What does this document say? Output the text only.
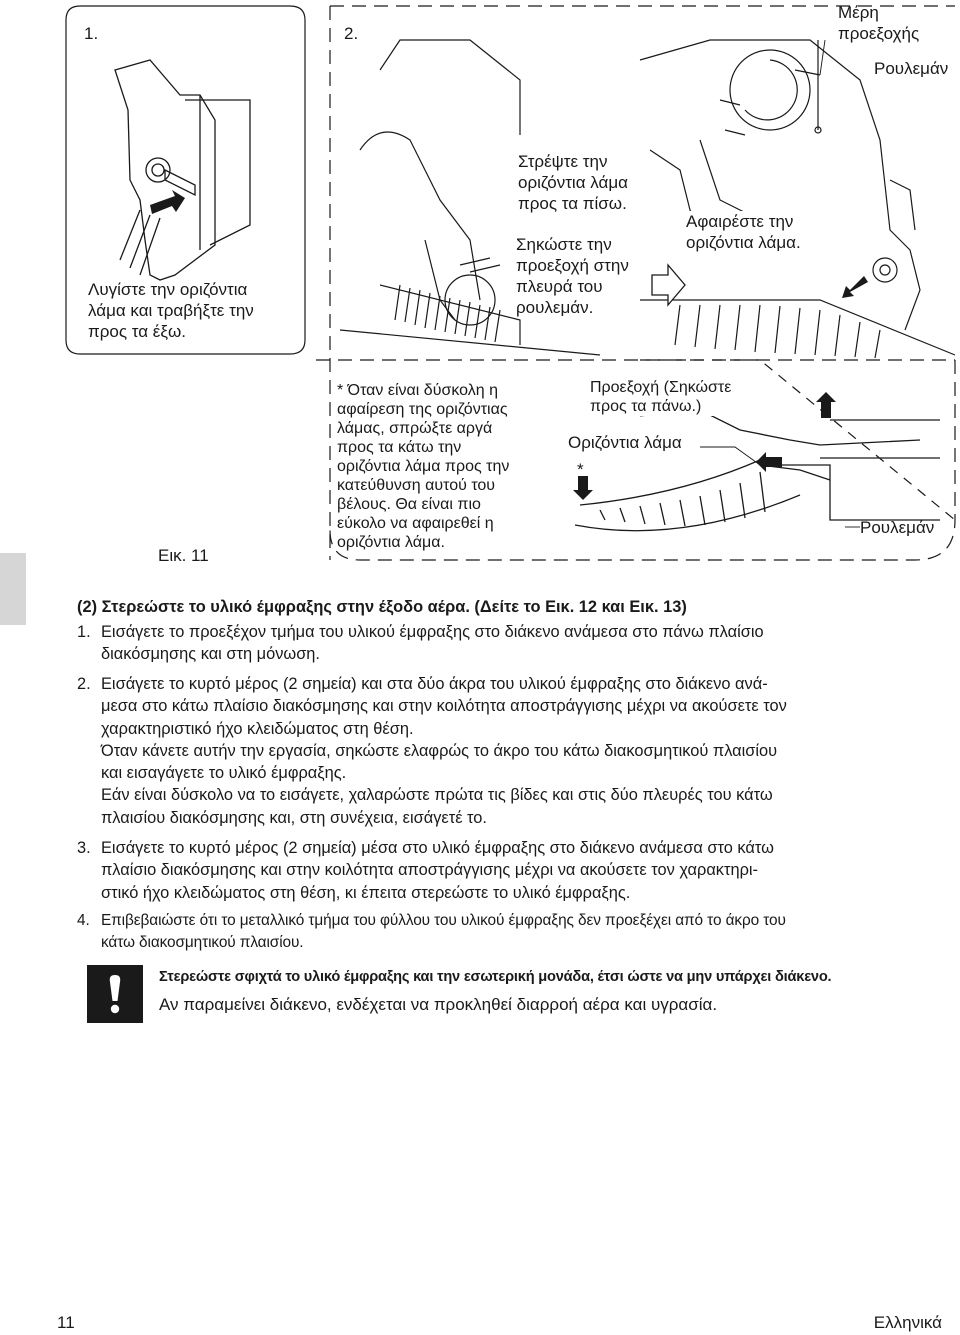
1.	2.
Μέρη
προεξοχής
Ρουλεμάν
Στρέψτε την
οριζόντια λάμα
προς τα πίσω.
Σηκώστε την
προεξοχή στην
πλευρά του
ρουλεμάν.
Αφαιρέστε την
οριζόντια λάμα.
Λυγίστε την οριζόντια
λάμα και τραβήξτε την
προς τα έξω.
* Όταν είναι δύσκολη η
αφαίρεση της οριζόντιας
λάμας, σπρώξτε αργά
προς τα κάτω την
οριζόντια λάμα προς την
κατεύθυνση αυτού του
βέλους. Θα είναι πιο
εύκολο να αφαιρεθεί η
οριζόντια λάμα.
Προεξοχή (Σηκώστε
προς τα πάνω.)
Οριζόντια λάμα
*
Ρουλεμάν
Εικ. 11
(2) Στερεώστε το υλικό έμφραξης στην έξοδο αέρα. (Δείτε το Εικ. 12 και Εικ. 13)
1. Εισάγετε το προεξέχον τμήμα του υλικού έμφραξης στο διάκενο ανάμεσα στο πάνω πλαίσιο
διακόσμησης και στη μόνωση.
2. Εισάγετε το κυρτό μέρος (2 σημεία) και στα δύο άκρα του υλικού έμφραξης στο διάκενο ανά-
μεσα στο κάτω πλαίσιο διακόσμησης και στην κοιλότητα αποστράγγισης μέχρι να ακούσετε τον
χαρακτηριστικό ήχο κλειδώματος στη θέση.
Όταν κάνετε αυτήν την εργασία, σηκώστε ελαφρώς το άκρο του κάτω διακοσμητικού πλαισίου
και εισαγάγετε το υλικό έμφραξης.
Εάν είναι δύσκολο να το εισάγετε, χαλαρώστε πρώτα τις βίδες και στις δύο πλευρές του κάτω
πλαισίου διακόσμησης και, στη συνέχεια, εισάγετέ το.
3. Εισάγετε το κυρτό μέρος (2 σημεία) μέσα στο υλικό έμφραξης στο διάκενο ανάμεσα στο κάτω
πλαίσιο διακόσμησης και στην κοιλότητα αποστράγγισης μέχρι να ακούσετε τον χαρακτηρι-
στικό ήχο κλειδώματος στη θέση, κι έπειτα στερεώστε το υλικό έμφραξης.
4. Επιβεβαιώστε ότι το μεταλλικό τμήμα του φύλλου του υλικού έμφραξης δεν προεξέχει από το άκρο του
κάτω διακοσμητικού πλαισίου.
Στερεώστε σφιχτά το υλικό έμφραξης και την εσωτερική μονάδα, έτσι ώστε να μην υπάρχει διάκενο.
Αν παραμείνει διάκενο, ενδέχεται να προκληθεί διαρροή αέρα και υγρασία.
11	Ελληνικά
